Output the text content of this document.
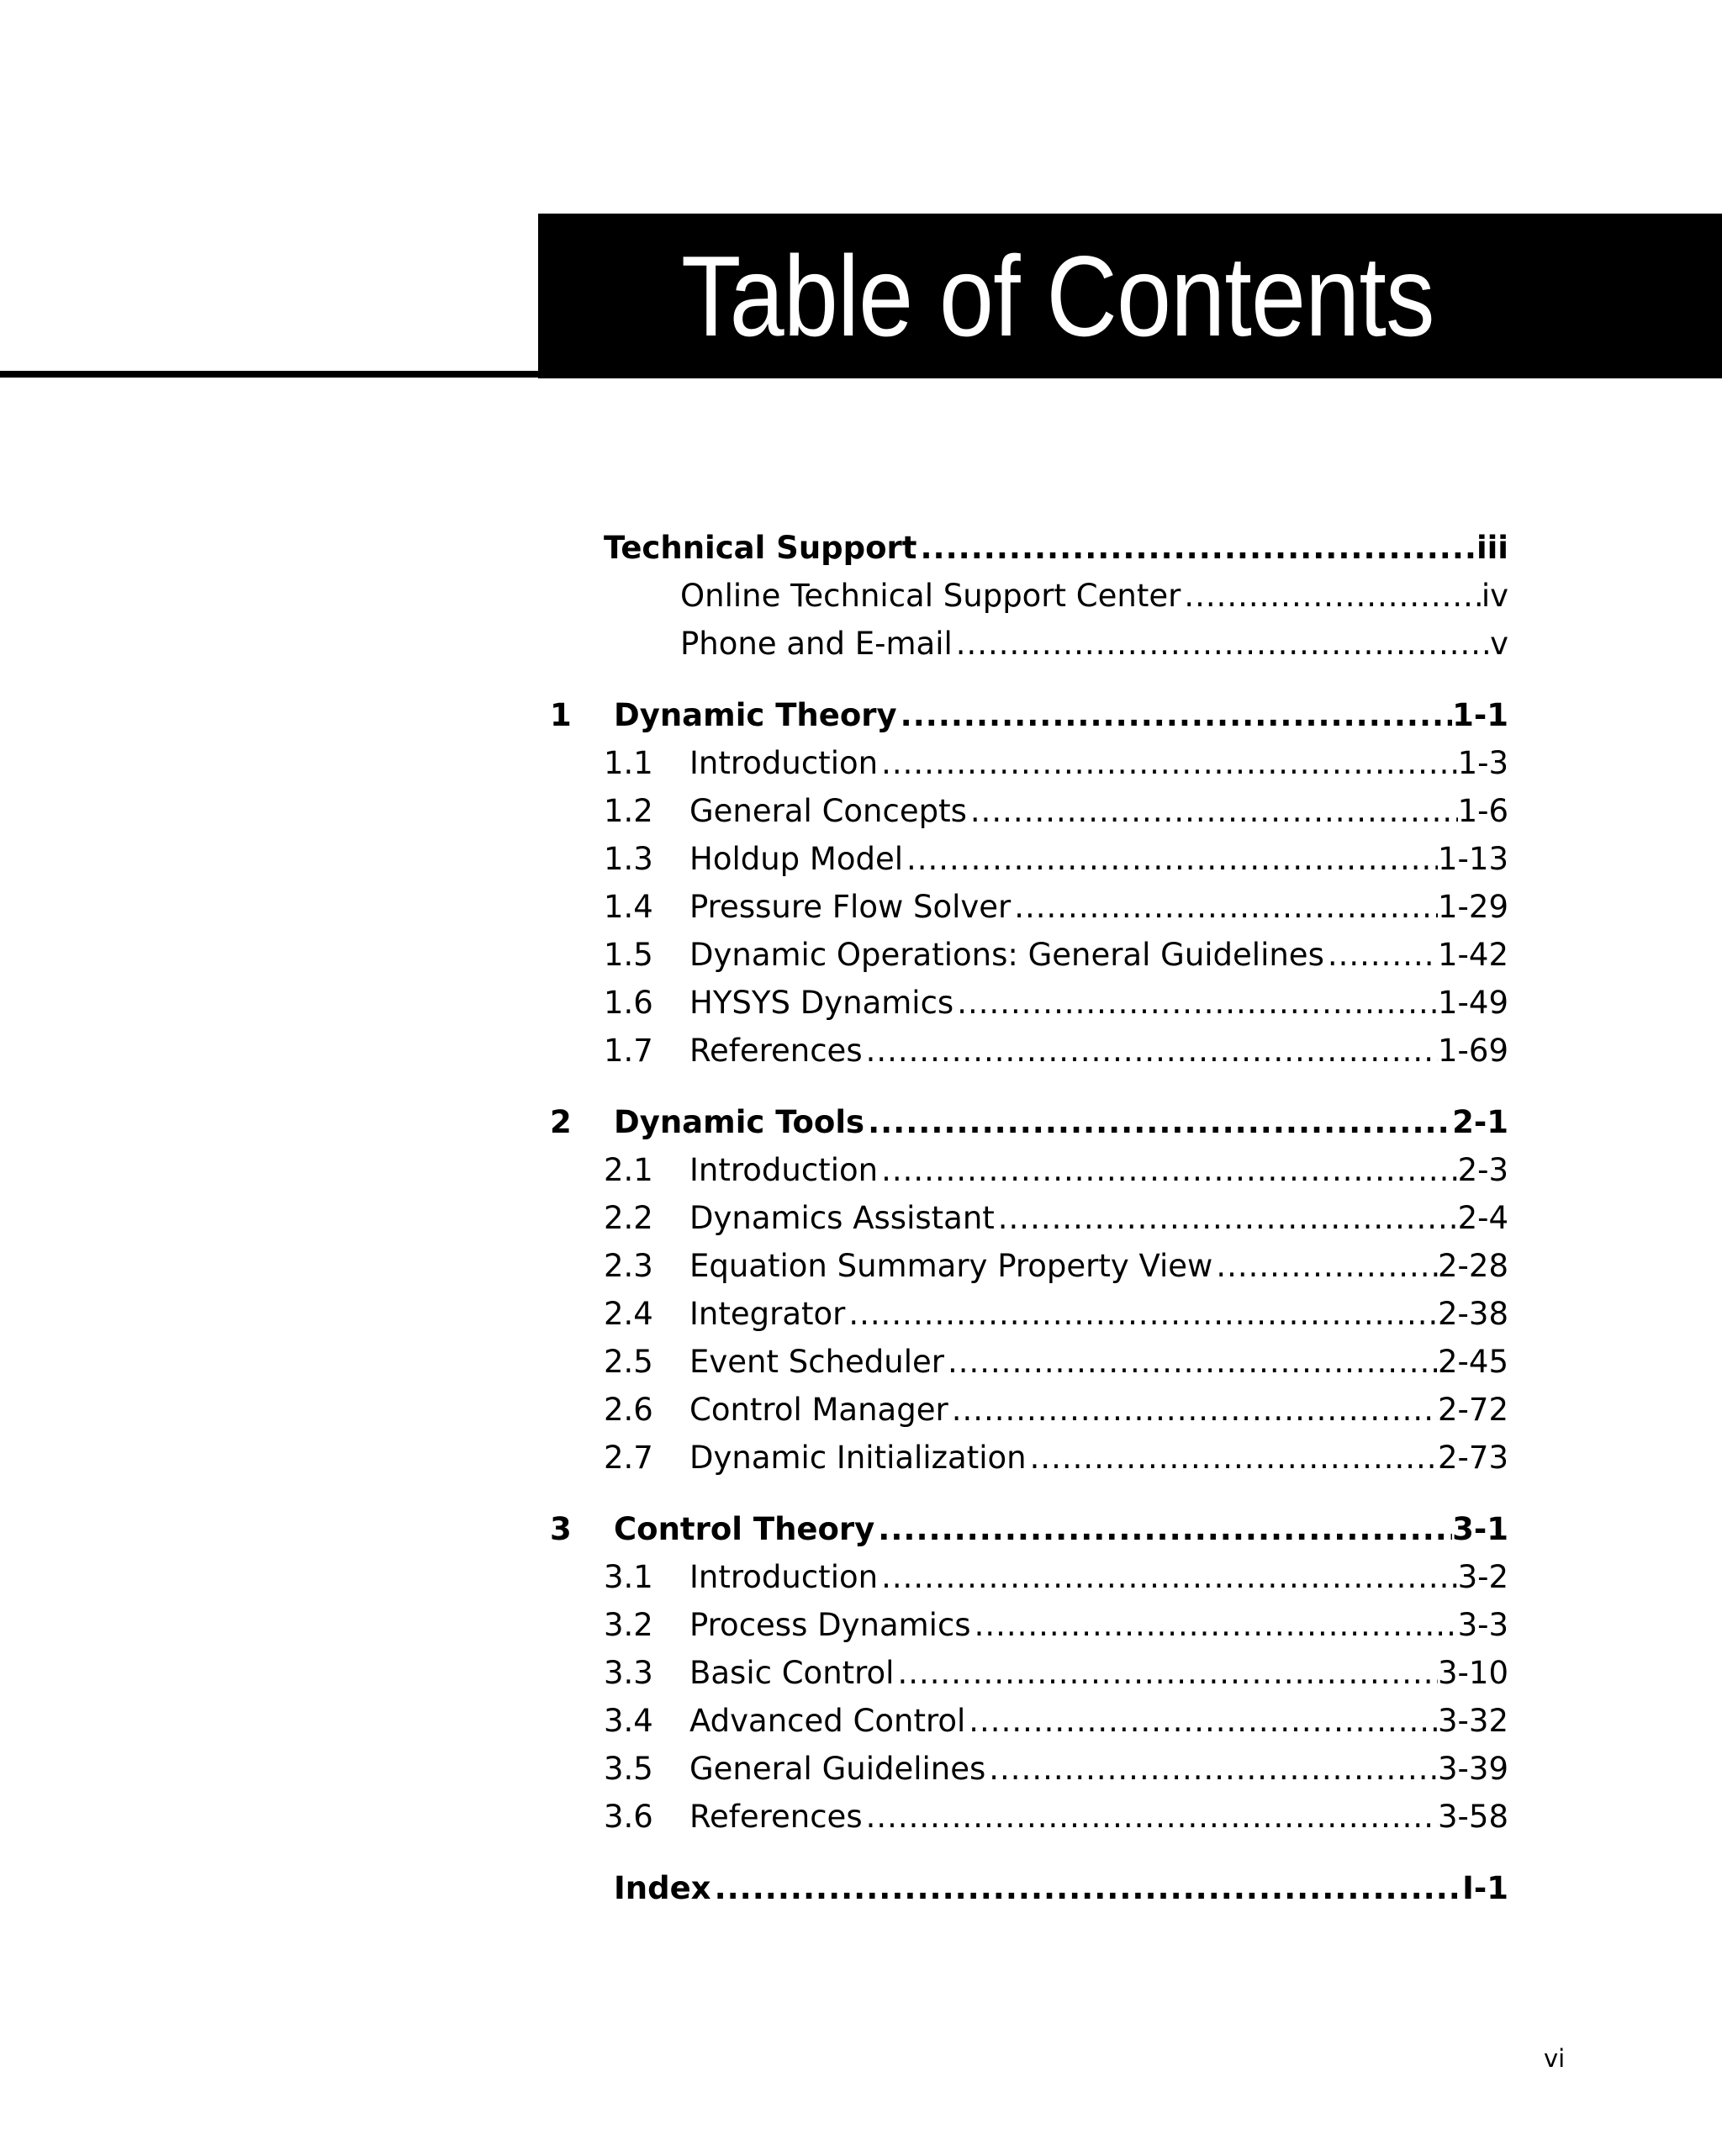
Table of Contents
Technical Support .....	iii
Online Technical Support Center .....	iv
Phone and E-mail .....	v
1 Dynamic Theory .....	1-1
1.1 Introduction .....	1-3
1.2 General Concepts .....	1-6
1.3 Holdup Model .....	1-13
1.4 Pressure Flow Solver .....	1-29
1.5 Dynamic Operations: General Guidelines .....	1-42
1.6 HYSYS Dynamics .....	1-49
1.7 References .....	1-69
2 Dynamic Tools .....	2-1
2.1 Introduction .....	2-3
2.2 Dynamics Assistant .....	2-4
2.3 Equation Summary Property View .....	2-28
2.4 Integrator .....	2-38
2.5 Event Scheduler .....	2-45
2.6 Control Manager .....	2-72
2.7 Dynamic Initialization .....	2-73
3 Control Theory .....	3-1
3.1 Introduction .....	3-2
3.2 Process Dynamics .....	3-3
3.3 Basic Control .....	3-10
3.4 Advanced Control .....	3-32
3.5 General Guidelines .....	3-39
3.6 References .....	3-58
Index .....	I-1
vi
